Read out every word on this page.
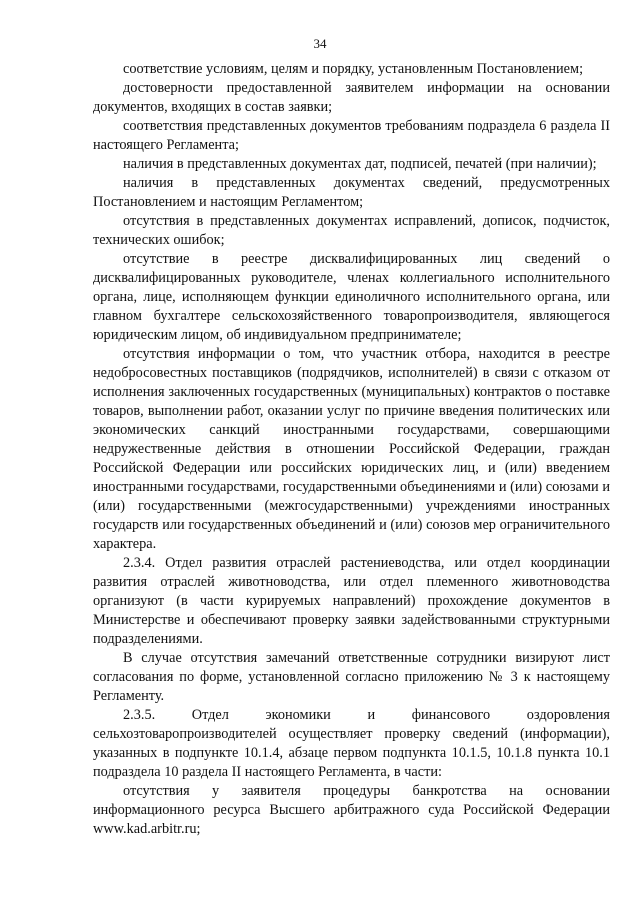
34

соответствие условиям, целям и порядку, установленным Постановлением;

достоверности предоставленной заявителем информации на основании документов, входящих в состав заявки;

соответствия представленных документов требованиям подраздела 6 раздела II настоящего Регламента;

наличия в представленных документах дат, подписей, печатей (при наличии);

наличия в представленных документах сведений, предусмотренных Постановлением и настоящим Регламентом;

отсутствия в представленных документах исправлений, дописок, подчисток, технических ошибок;

отсутствие в реестре дисквалифицированных лиц сведений о дисквалифицированных руководителе, членах коллегиального исполнительного органа, лице, исполняющем функции единоличного исполнительного органа, или главном бухгалтере сельскохозяйственного товаропроизводителя, являющегося юридическим лицом, об индивидуальном предпринимателе;

отсутствия информации о том, что участник отбора, находится в реестре недобросовестных поставщиков (подрядчиков, исполнителей) в связи с отказом от исполнения заключенных государственных (муниципальных) контрактов о поставке товаров, выполнении работ, оказании услуг по причине введения политических или экономических санкций иностранными государствами, совершающими недружественные действия в отношении Российской Федерации, граждан Российской Федерации или российских юридических лиц, и (или) введением иностранными государствами, государственными объединениями и (или) союзами и (или) государственными (межгосударственными) учреждениями иностранных государств или государственных объединений и (или) союзов мер ограничительного характера.

2.3.4. Отдел развития отраслей растениеводства, или отдел координации развития отраслей животноводства, или отдел племенного животноводства организуют (в части курируемых направлений) прохождение документов в Министерстве и обеспечивают проверку заявки задействованными структурными подразделениями.

В случае отсутствия замечаний ответственные сотрудники визируют лист согласования по форме, установленной согласно приложению № 3 к настоящему Регламенту.

2.3.5. Отдел экономики и финансового оздоровления сельхозтоваропроизводителей осуществляет проверку сведений (информации), указанных в подпункте 10.1.4, абзаце первом подпункта 10.1.5, 10.1.8 пункта 10.1 подраздела 10 раздела II настоящего Регламента, в части:

отсутствия у заявителя процедуры банкротства на основании информационного ресурса Высшего арбитражного суда Российской Федерации www.kad.arbitr.ru;
